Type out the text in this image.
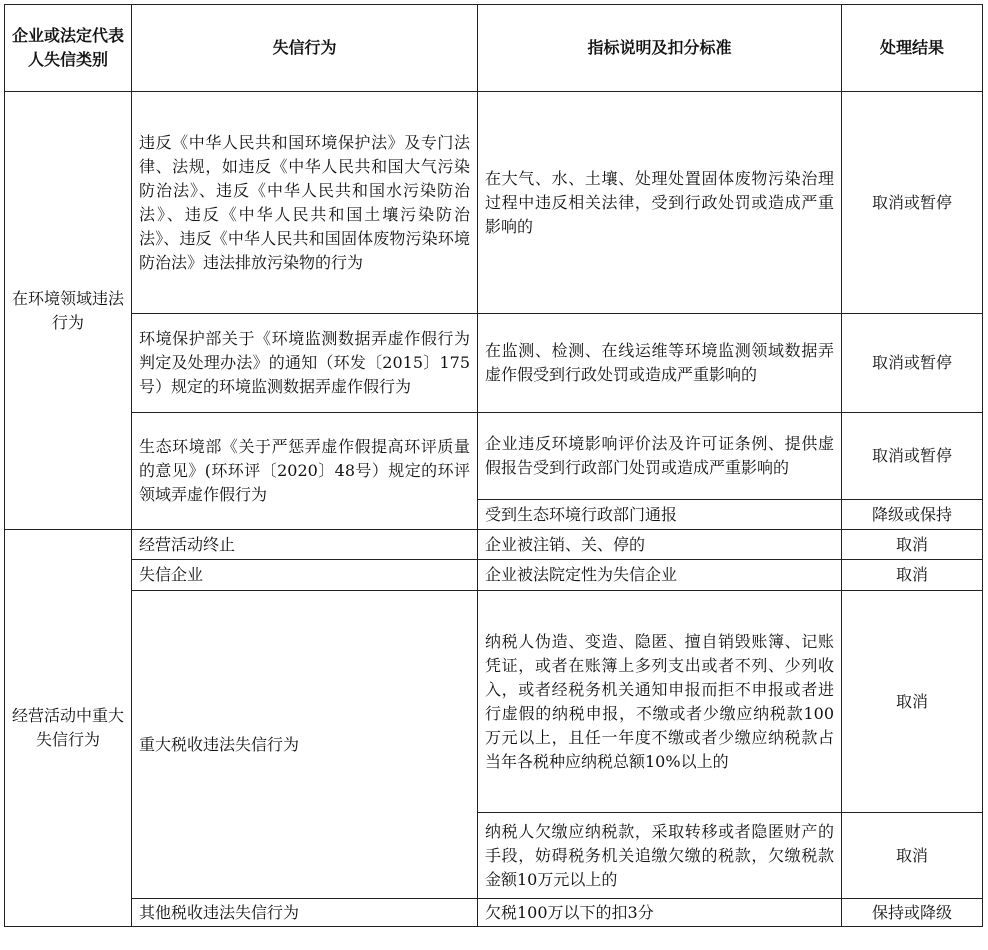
企业或法定代表人失信类别	失信行为	指标说明及扣分标准	处理结果
在环境领域违法行为	违反《中华人民共和国环境保护法》及专门法律、法规，如违反《中华人民共和国大气污染防治法》、违反《中华人民共和国水污染防治法》、违反《中华人民共和国土壤污染防治法》、违反《中华人民共和国固体废物污染环境防治法》违法排放污染物的行为	在大气、水、土壤、处理处置固体废物污染治理过程中违反相关法律，受到行政处罚或造成严重影响的	取消或暂停
	环境保护部关于《环境监测数据弄虚作假行为判定及处理办法》的通知（环发〔2015〕175号）规定的环境监测数据弄虚作假行为	在监测、检测、在线运维等环境监测领域数据弄虚作假受到行政处罚或造成严重影响的	取消或暂停
	生态环境部《关于严惩弄虚作假提高环评质量的意见》(环环评〔2020〕48号）规定的环评领域弄虚作假行为	企业违反环境影响评价法及许可证条例、提供虚假报告受到行政部门处罚或造成严重影响的	取消或暂停
		受到生态环境行政部门通报	降级或保持
经营活动中重大失信行为	经营活动终止	企业被注销、关、停的	取消
	失信企业	企业被法院定性为失信企业	取消
	重大税收违法失信行为	纳税人伪造、变造、隐匿、擅自销毁账簿、记账凭证，或者在账簿上多列支出或者不列、少列收入，或者经税务机关通知申报而拒不申报或者进行虚假的纳税申报，不缴或者少缴应纳税款100万元以上，且任一年度不缴或者少缴应纳税款占当年各税种应纳税总额10%以上的	取消
		纳税人欠缴应纳税款，采取转移或者隐匿财产的手段，妨碍税务机关追缴欠缴的税款，欠缴税款金额10万元以上的	取消
	其他税收违法失信行为	欠税100万以下的扣3分	保持或降级
